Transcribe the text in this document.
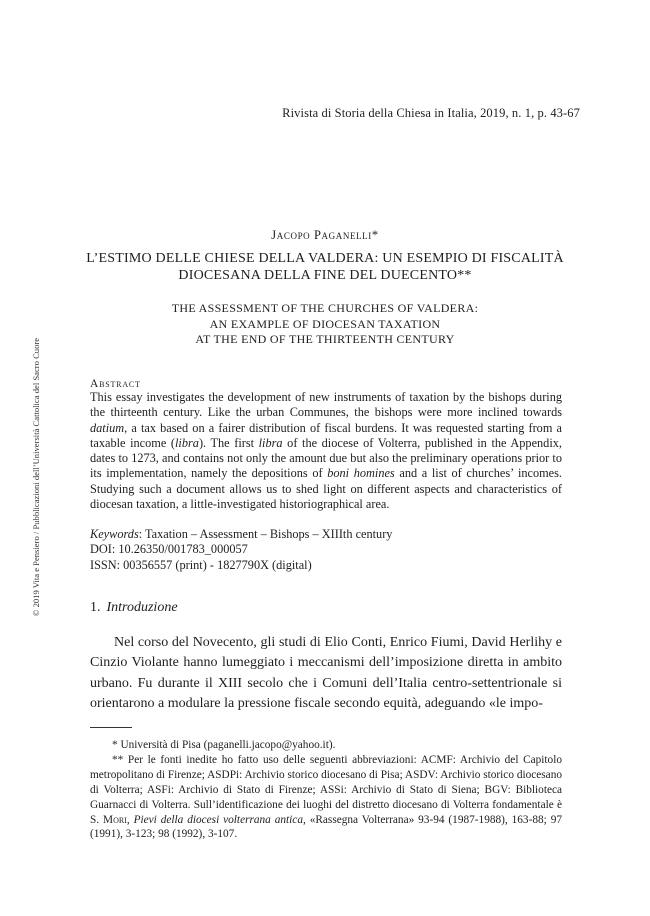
Rivista di Storia della Chiesa in Italia, 2019, n. 1, p. 43-67
Jacopo Paganelli*
L’ESTIMO DELLE CHIESE DELLA VALDERA: UN ESEMPIO DI FISCALITÀ
DIOCESANA DELLA FINE DEL DUECENTO**
THE ASSESSMENT OF THE CHURCHES OF VALDERA:
AN EXAMPLE OF DIOCESAN TAXATION
AT THE END OF THE THIRTEENTH CENTURY
Abstract
This essay investigates the development of new instruments of taxation by the bishops during the thirteenth century. Like the urban Communes, the bishops were more inclined towards datium, a tax based on a fairer distribution of fiscal burdens. It was requested starting from a taxable income (libra). The first libra of the diocese of Volterra, published in the Appendix, dates to 1273, and contains not only the amount due but also the preliminary operations prior to its implementation, namely the depositions of boni homines and a list of churches’ incomes. Studying such a document allows us to shed light on different aspects and characteristics of diocesan taxation, a little-investigated historiographical area.
Keywords: Taxation – Assessment – Bishops – XIIIth century
DOI: 10.26350/001783_000057
ISSN: 00356557 (print) - 1827790X (digital)
1. Introduzione
Nel corso del Novecento, gli studi di Elio Conti, Enrico Fiumi, David Herlihy e Cinzio Violante hanno lumeggiato i meccanismi dell’imposizione diretta in ambito urbano. Fu durante il XIII secolo che i Comuni dell’Italia centro-settentrionale si orientarono a modulare la pressione fiscale secondo equità, adeguando «le impo-

* Università di Pisa (paganelli.jacopo@yahoo.it).

** Per le fonti inedite ho fatto uso delle seguenti abbreviazioni: ACMF: Archivio del Capitolo metropolitano di Firenze; ASDPi: Archivio storico diocesano di Pisa; ASDV: Archivio storico diocesano di Volterra; ASFi: Archivio di Stato di Firenze; ASSi: Archivio di Stato di Siena; BGV: Biblioteca Guarnacci di Volterra. Sull’identificazione dei luoghi del distretto diocesano di Volterra fondamentale è S. Mori, Pievi della diocesi volterrana antica, «Rassegna Volterrana» 93-94 (1987-1988), 163-88; 97 (1991), 3-123; 98 (1992), 3-107.

© 2019 Vita e Pensiero / Pubblicazioni dell’Università Cattolica del Sacro Cuore
